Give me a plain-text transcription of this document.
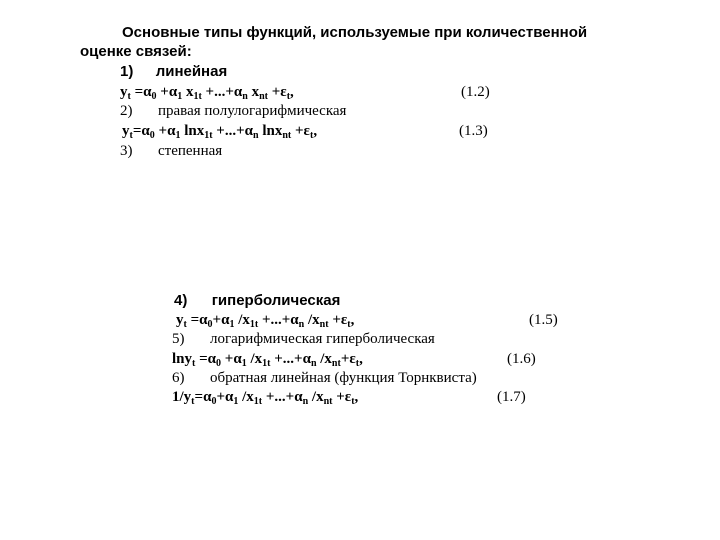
Основные типы функций, используемые при количественной
оценке связей:
1) линейная
$y_t =\alpha_0 +\alpha_1$ $x_{1t} +...+\alpha_n$ $x_{nt} +\varepsilon_t$,	(1.2)
2) правая полулогарифмическая
$y_t=\alpha_0 +\alpha_1$ $\ln x_{1t} +...+\alpha_n$ $\ln x_{nt} +\varepsilon_t$,	(1.3)
3) степенная
4) гиперболическая
$y_t =\alpha_0+\alpha_1$ $/x_{1t} +...+\alpha_n$ $/x_{nt} +\varepsilon_t$,	(1.5)
5) логарифмическая гиперболическая
$\ln y_t =\alpha_0 +\alpha_1$ $/x_{1t} +...+\alpha_n$ $/x_{nt}+\varepsilon_t$,	(1.6)
6) обратная линейная (функция Торнквиста)
$1/y_t=\alpha_0+\alpha_1$ $/x_{1t} +...+\alpha_n$ $/x_{nt} +\varepsilon_t$,	(1.7)
